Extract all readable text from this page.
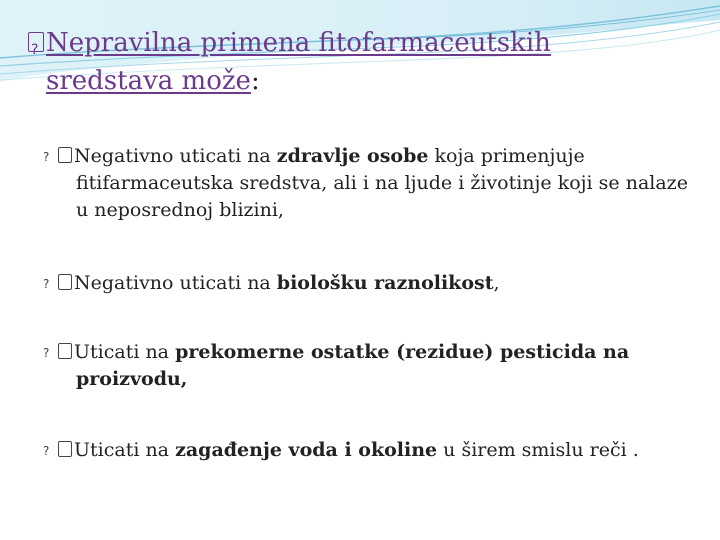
?Nepravilna primena fitofarmaceutskih
sredstava može:
?Negativno uticati na zdravlje osobe koja primenjuje fitifarmaceutska sredstva, ali i na ljude i životinje koji se nalaze u neposrednoj blizini,
?Negativno uticati na biološku raznolikost,
?Uticati na prekomerne ostatke (rezidue) pesticida na proizvodu,
?Uticati na zagađenje voda i okoline u širem smislu reči .
